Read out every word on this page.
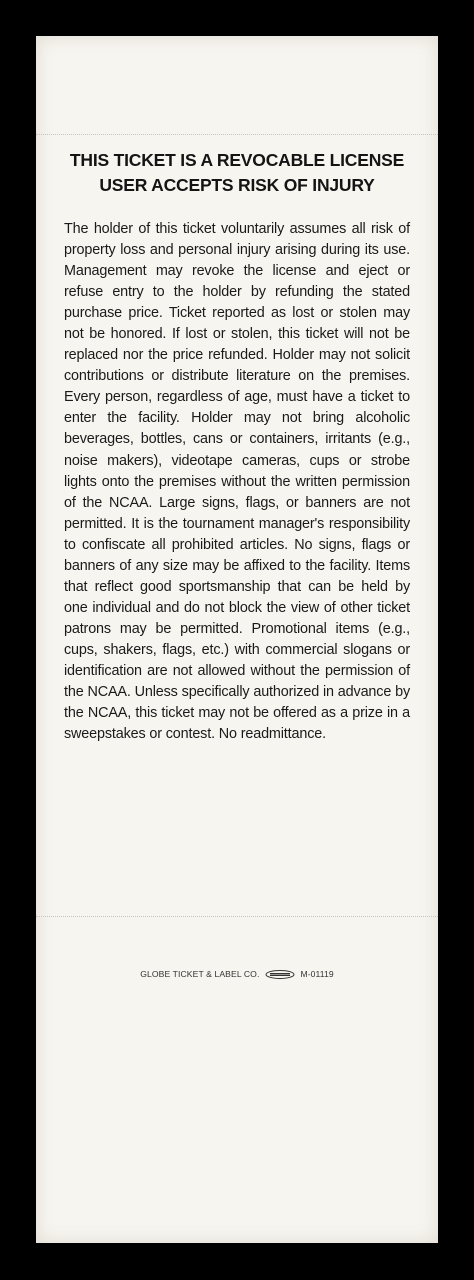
THIS TICKET IS A REVOCABLE LICENSE
USER ACCEPTS RISK OF INJURY
The holder of this ticket voluntarily assumes all risk of property loss and personal injury arising during its use. Management may revoke the license and eject or refuse entry to the holder by refunding the stated purchase price. Ticket reported as lost or stolen may not be honored. If lost or stolen, this ticket will not be replaced nor the price refunded. Holder may not solicit contributions or distribute literature on the premises. Every person, regardless of age, must have a ticket to enter the facility. Holder may not bring alcoholic beverages, bottles, cans or containers, irritants (e.g., noise makers), videotape cameras, cups or strobe lights onto the premises without the written permission of the NCAA. Large signs, flags, or banners are not permitted. It is the tournament manager's responsibility to confiscate all prohibited articles. No signs, flags or banners of any size may be affixed to the facility. Items that reflect good sportsmanship that can be held by one individual and do not block the view of other ticket patrons may be permitted. Promotional items (e.g., cups, shakers, flags, etc.) with commercial slogans or identification are not allowed without the permission of the NCAA. Unless specifically authorized in advance by the NCAA, this ticket may not be offered as a prize in a sweepstakes or contest. No readmittance.
GLOBE TICKET & LABEL CO.	M-01119
